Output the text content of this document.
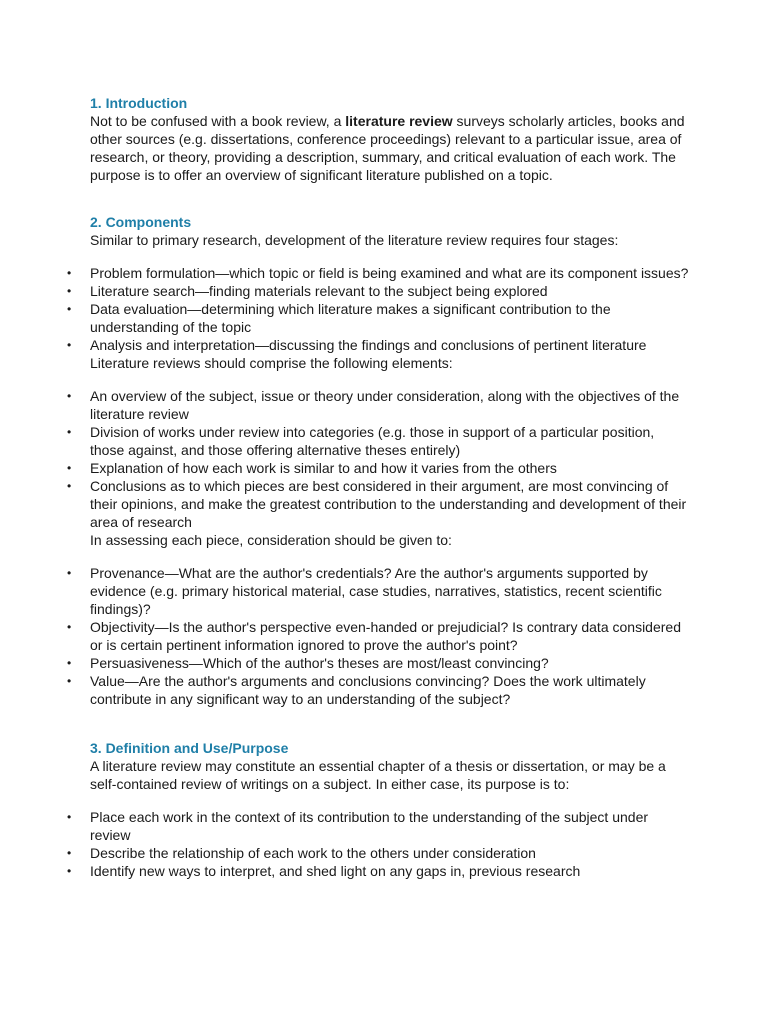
1. Introduction

Not to be confused with a book review, a literature review surveys scholarly articles, books and other sources (e.g. dissertations, conference proceedings) relevant to a particular issue, area of research, or theory, providing a description, summary, and critical evaluation of each work. The purpose is to offer an overview of significant literature published on a topic.

2. Components

Similar to primary research, development of the literature review requires four stages:

• Problem formulation—which topic or field is being examined and what are its component issues?
• Literature search—finding materials relevant to the subject being explored
• Data evaluation—determining which literature makes a significant contribution to the understanding of the topic
• Analysis and interpretation—discussing the findings and conclusions of pertinent literature
Literature reviews should comprise the following elements:
• An overview of the subject, issue or theory under consideration, along with the objectives of the literature review
• Division of works under review into categories (e.g. those in support of a particular position, those against, and those offering alternative theses entirely)
• Explanation of how each work is similar to and how it varies from the others
• Conclusions as to which pieces are best considered in their argument, are most convincing of their opinions, and make the greatest contribution to the understanding and development of their area of research
In assessing each piece, consideration should be given to:
• Provenance—What are the author's credentials? Are the author's arguments supported by evidence (e.g. primary historical material, case studies, narratives, statistics, recent scientific findings)?
• Objectivity—Is the author's perspective even-handed or prejudicial? Is contrary data considered or is certain pertinent information ignored to prove the author's point?
• Persuasiveness—Which of the author's theses are most/least convincing?
• Value—Are the author's arguments and conclusions convincing? Does the work ultimately contribute in any significant way to an understanding of the subject?

3. Definition and Use/Purpose

A literature review may constitute an essential chapter of a thesis or dissertation, or may be a self-contained review of writings on a subject. In either case, its purpose is to:

• Place each work in the context of its contribution to the understanding of the subject under review
• Describe the relationship of each work to the others under consideration
• Identify new ways to interpret, and shed light on any gaps in, previous research
